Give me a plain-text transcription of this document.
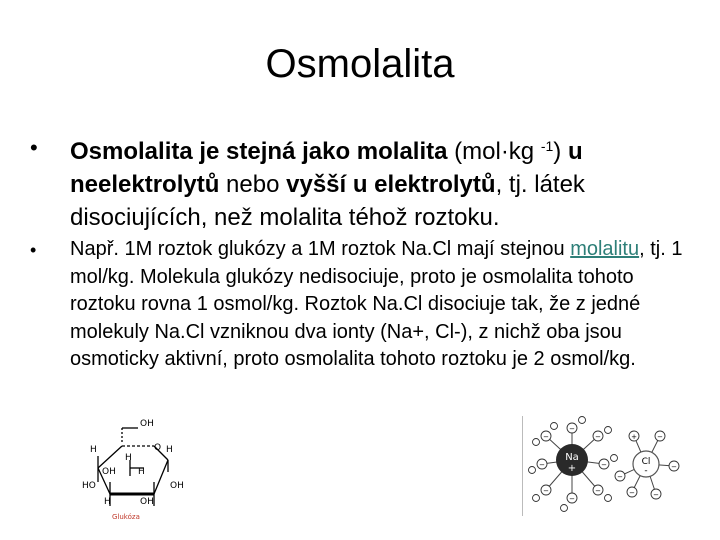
Osmolalita
• Osmolalita je stejná jako molalita (mol·kg $^{-1}$) u neelektrolytů nebo vyšší u elektrolytů, tj. látek disociujících, než molalita téhož roztoku.
• Např. 1M roztok glukózy a 1M roztok Na.Cl mají stejnou molalitu, tj. 1 mol/kg. Molekula glukózy nedisociuje, proto je osmolalita tohoto roztoku rovna 1 osmol/kg. Roztok Na.Cl disociuje tak, že z jedné molekuly Na.Cl vzniknou dva ionty (Na+, Cl-), z nichž oba jsou osmoticky aktivní, proto osmolalita tohoto roztoku je 2 osmol/kg.
OH
H	O H
H
OH H
HO	OH
H	OH
Glukóza
Na
+
Cl
-
−
−
−
−	−
−
−
−
+	−
−
−
−	−
